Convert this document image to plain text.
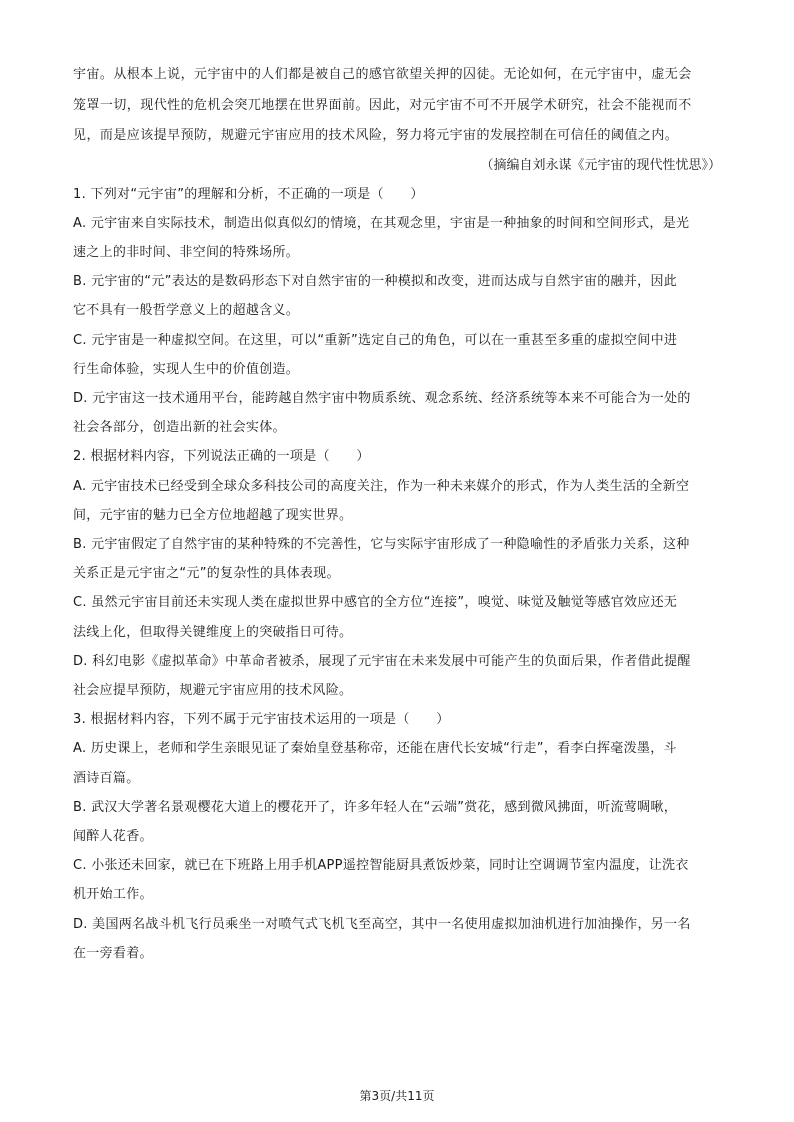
宇宙。从根本上说，元宇宙中的人们都是被自己的感官欲望关押的囚徒。无论如何，在元宇宙中，虚无会
笼罩一切，现代性的危机会突兀地摆在世界面前。因此，对元宇宙不可不开展学术研究，社会不能视而不
见，而是应该提早预防，规避元宇宙应用的技术风险，努力将元宇宙的发展控制在可信任的阈值之内。
（摘编自刘永谋《元宇宙的现代性忧思》）
1. 下列对“元宇宙”的理解和分析，不正确的一项是（　　）
A. 元宇宙来自实际技术，制造出似真似幻的情境，在其观念里，宇宙是一种抽象的时间和空间形式，是光
速之上的非时间、非空间的特殊场所。
B. 元宇宙的“元”表达的是数码形态下对自然宇宙的一种模拟和改变，进而达成与自然宇宙的融并，因此
它不具有一般哲学意义上的超越含义。
C. 元宇宙是一种虚拟空间。在这里，可以“重新”选定自己的角色，可以在一重甚至多重的虚拟空间中进
行生命体验，实现人生中的价值创造。
D. 元宇宙这一技术通用平台，能跨越自然宇宙中物质系统、观念系统、经济系统等本来不可能合为一处的
社会各部分，创造出新的社会实体。
2. 根据材料内容，下列说法正确的一项是（　　）
A. 元宇宙技术已经受到全球众多科技公司的高度关注，作为一种未来媒介的形式，作为人类生活的全新空
间，元宇宙的魅力已全方位地超越了现实世界。
B. 元宇宙假定了自然宇宙的某种特殊的不完善性，它与实际宇宙形成了一种隐喻性的矛盾张力关系，这种
关系正是元宇宙之“元”的复杂性的具体表现。
C. 虽然元宇宙目前还未实现人类在虚拟世界中感官的全方位“连接”，嗅觉、味觉及触觉等感官效应还无
法线上化，但取得关键维度上的突破指日可待。
D. 科幻电影《虚拟革命》中革命者被杀，展现了元宇宙在未来发展中可能产生的负面后果，作者借此提醒
社会应提早预防，规避元宇宙应用的技术风险。
3. 根据材料内容，下列不属于元宇宙技术运用的一项是（　　）
A. 历史课上，老师和学生亲眼见证了秦始皇登基称帝，还能在唐代长安城“行走”，看李白挥毫泼墨，斗
酒诗百篇。
B. 武汉大学著名景观樱花大道上的樱花开了，许多年轻人在“云端”赏花，感到微风拂面，听流莺啁啾，
闻醉人花香。
C. 小张还未回家，就已在下班路上用手机APP遥控智能厨具煮饭炒菜，同时让空调调节室内温度，让洗衣
机开始工作。
D. 美国两名战斗机飞行员乘坐一对喷气式飞机飞至高空，其中一名使用虚拟加油机进行加油操作，另一名
在一旁看着。
第3页/共11页
